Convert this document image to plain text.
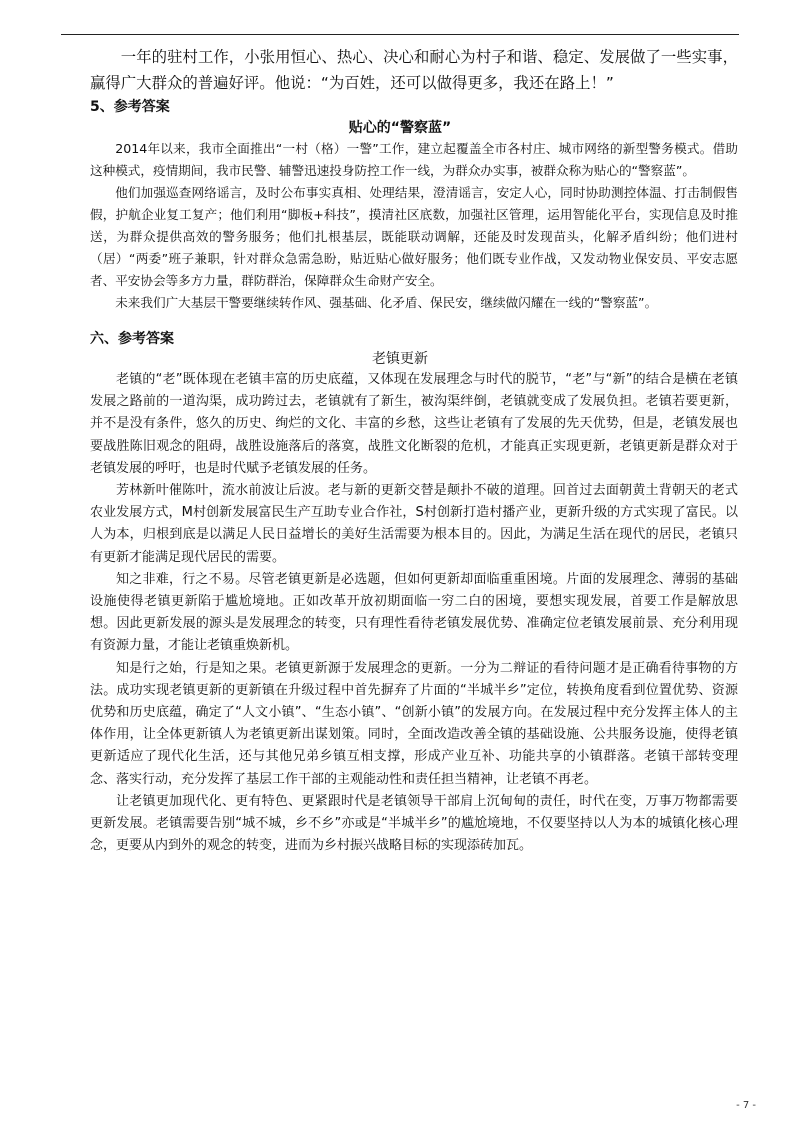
一年的驻村工作，小张用恒心、热心、决心和耐心为村子和谐、稳定、发展做了一些实事，赢得广大群众的普遍好评。他说：“为百姓，还可以做得更多，我还在路上！”

5、参考答案
贴心的“警察蓝”

2014年以来，我市全面推出“一村（格）一警”工作，建立起覆盖全市各村庄、城市网络的新型警务模式。借助这种模式，疫情期间，我市民警、辅警迅速投身防控工作一线，为群众办实事，被群众称为贴心的“警察蓝”。

他们加强巡查网络谣言，及时公布事实真相、处理结果，澄清谣言，安定人心，同时协助测控体温、打击制假售假，护航企业复工复产；他们利用“脚板+科技”，摸清社区底数，加强社区管理，运用智能化平台，实现信息及时推送，为群众提供高效的警务服务；他们扎根基层，既能联动调解，还能及时发现苗头，化解矛盾纠纷；他们进村（居）“两委”班子兼职，针对群众急需急盼，贴近贴心做好服务；他们既专业作战，又发动物业保安员、平安志愿者、平安协会等多方力量，群防群治，保障群众生命财产安全。

未来我们广大基层干警要继续转作风、强基础、化矛盾、保民安，继续做闪耀在一线的“警察蓝”。

六、参考答案
老镇更新

老镇的“老”既体现在老镇丰富的历史底蕴，又体现在发展理念与时代的脱节，“老”与“新”的结合是横在老镇发展之路前的一道沟渠，成功跨过去，老镇就有了新生，被沟渠绊倒，老镇就变成了发展负担。老镇若要更新，并不是没有条件，悠久的历史、绚烂的文化、丰富的乡愁，这些让老镇有了发展的先天优势，但是，老镇发展也要战胜陈旧观念的阻碍，战胜设施落后的落寞，战胜文化断裂的危机，才能真正实现更新，老镇更新是群众对于老镇发展的呼吁，也是时代赋予老镇发展的任务。

芳林新叶催陈叶，流水前波让后波。老与新的更新交替是颠扑不破的道理。回首过去面朝黄土背朝天的老式农业发展方式，M村创新发展富民生产互助专业合作社，S村创新打造村播产业，更新升级的方式实现了富民。以人为本，归根到底是以满足人民日益增长的美好生活需要为根本目的。因此，为满足生活在现代的居民，老镇只有更新才能满足现代居民的需要。

知之非难，行之不易。尽管老镇更新是必选题，但如何更新却面临重重困境。片面的发展理念、薄弱的基础设施使得老镇更新陷于尴尬境地。正如改革开放初期面临一穷二白的困境，要想实现发展，首要工作是解放思想。因此更新发展的源头是发展理念的转变，只有理性看待老镇发展优势、准确定位老镇发展前景、充分利用现有资源力量，才能让老镇重焕新机。

知是行之始，行是知之果。老镇更新源于发展理念的更新。一分为二辩证的看待问题才是正确看待事物的方法。成功实现老镇更新的更新镇在升级过程中首先摒弃了片面的“半城半乡”定位，转换角度看到位置优势、资源优势和历史底蕴，确定了“人文小镇”、“生态小镇”、“创新小镇”的发展方向。在发展过程中充分发挥主体人的主体作用，让全体更新镇人为老镇更新出谋划策。同时，全面改造改善全镇的基础设施、公共服务设施，使得老镇更新适应了现代化生活，还与其他兄弟乡镇互相支撑，形成产业互补、功能共享的小镇群落。老镇干部转变理念、落实行动，充分发挥了基层工作干部的主观能动性和责任担当精神，让老镇不再老。

让老镇更加现代化、更有特色、更紧跟时代是老镇领导干部肩上沉甸甸的责任，时代在变，万事万物都需要更新发展。老镇需要告别“城不城，乡不乡”亦或是“半城半乡”的尴尬境地，不仅要坚持以人为本的城镇化核心理念，更要从内到外的观念的转变，进而为乡村振兴战略目标的实现添砖加瓦。

- 7 -
